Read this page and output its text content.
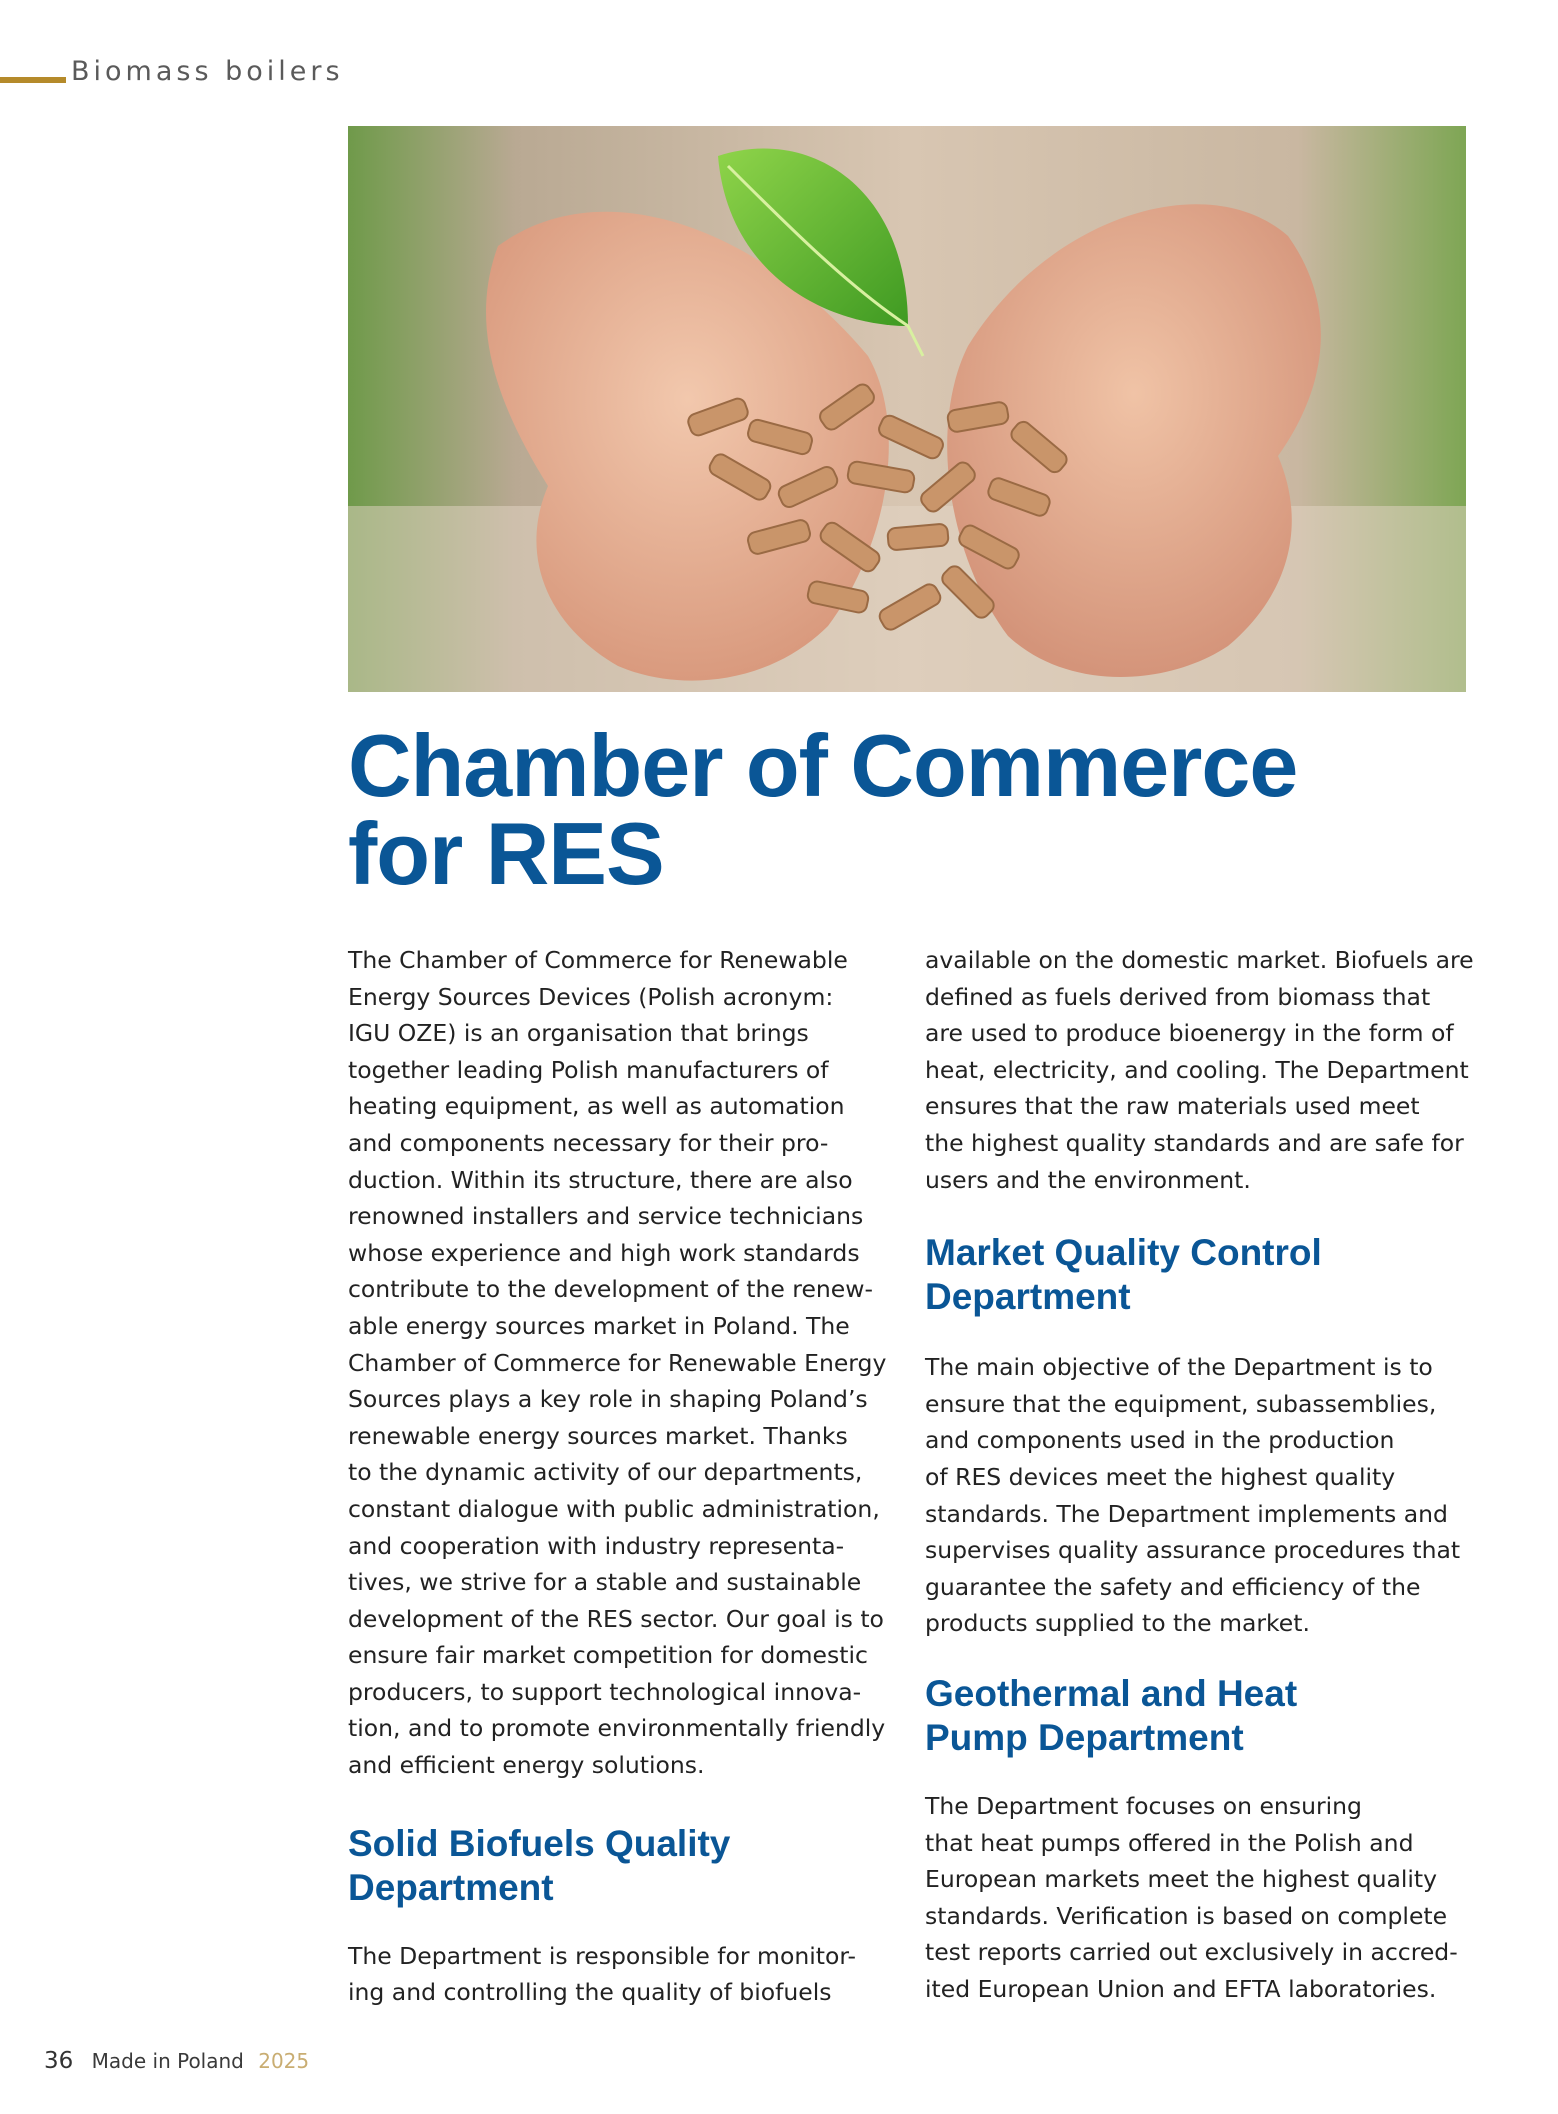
Biomass boilers
Chamber of Commerce
for RES

The Chamber of Commerce for Renewable
Energy Sources Devices (Polish acronym:
IGU OZE) is an organisation that brings
together leading Polish manufacturers of
heating equipment, as well as automation
and components necessary for their pro-
duction. Within its structure, there are also
renowned installers and service technicians
whose experience and high work standards
contribute to the development of the renew-
able energy sources market in Poland. The
Chamber of Commerce for Renewable Energy
Sources plays a key role in shaping Poland’s
renewable energy sources market. Thanks
to the dynamic activity of our departments,
constant dialogue with public administration,
and cooperation with industry representa-
tives, we strive for a stable and sustainable
development of the RES sector. Our goal is to
ensure fair market competition for domestic
producers, to support technological innova-
tion, and to promote environmentally friendly
and efficient energy solutions.

Solid Biofuels Quality
Department

The Department is responsible for monitor-
ing and controlling the quality of biofuels

available on the domestic market. Biofuels are
defined as fuels derived from biomass that
are used to produce bioenergy in the form of
heat, electricity, and cooling. The Department
ensures that the raw materials used meet
the highest quality standards and are safe for
users and the environment.

Market Quality Control
Department

The main objective of the Department is to
ensure that the equipment, subassemblies,
and components used in the production
of RES devices meet the highest quality
standards. The Department implements and
supervises quality assurance procedures that
guarantee the safety and efficiency of the
products supplied to the market.

Geothermal and Heat
Pump Department

The Department focuses on ensuring
that heat pumps offered in the Polish and
European markets meet the highest quality
standards. Verification is based on complete
test reports carried out exclusively in accred-
ited European Union and EFTA laboratories.

36 Made in Poland 2025
